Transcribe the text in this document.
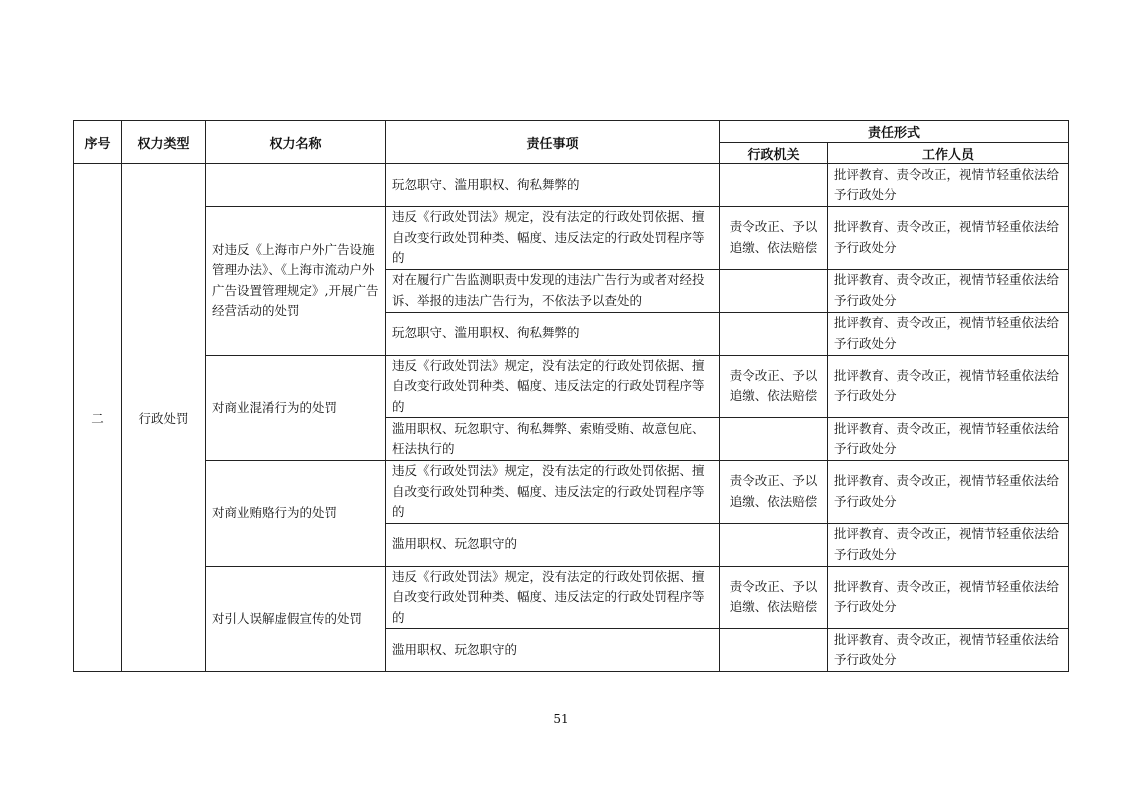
序号	权力类型	权力名称	责任事项	责任形式	
				行政机关	工作人员
二	行政处罚		玩忽职守、滥用职权、徇私舞弊的		批评教育、责令改正，视情节轻重依法给予行政处分
		对违反《上海市户外广告设施管理办法》、《上海市流动户外广告设置管理规定》,开展广告经营活动的处罚	违反《行政处罚法》规定，没有法定的行政处罚依据、擅自改变行政处罚种类、幅度、违反法定的行政处罚程序等的	责令改正、予以追缴、依法赔偿	批评教育、责令改正，视情节轻重依法给予行政处分
			对在履行广告监测职责中发现的违法广告行为或者对经投诉、举报的违法广告行为，不依法予以查处的		批评教育、责令改正，视情节轻重依法给予行政处分
			玩忽职守、滥用职权、徇私舞弊的		批评教育、责令改正，视情节轻重依法给予行政处分
		对商业混淆行为的处罚	违反《行政处罚法》规定，没有法定的行政处罚依据、擅自改变行政处罚种类、幅度、违反法定的行政处罚程序等的	责令改正、予以追缴、依法赔偿	批评教育、责令改正，视情节轻重依法给予行政处分
			滥用职权、玩忽职守、徇私舞弊、索贿受贿、故意包庇、枉法执行的		批评教育、责令改正，视情节轻重依法给予行政处分
		对商业贿赂行为的处罚	违反《行政处罚法》规定，没有法定的行政处罚依据、擅自改变行政处罚种类、幅度、违反法定的行政处罚程序等的	责令改正、予以追缴、依法赔偿	批评教育、责令改正，视情节轻重依法给予行政处分
			滥用职权、玩忽职守的		批评教育、责令改正，视情节轻重依法给予行政处分
		对引人误解虚假宣传的处罚	违反《行政处罚法》规定，没有法定的行政处罚依据、擅自改变行政处罚种类、幅度、违反法定的行政处罚程序等的	责令改正、予以追缴、依法赔偿	批评教育、责令改正，视情节轻重依法给予行政处分
			滥用职权、玩忽职守的		批评教育、责令改正，视情节轻重依法给予行政处分
51
